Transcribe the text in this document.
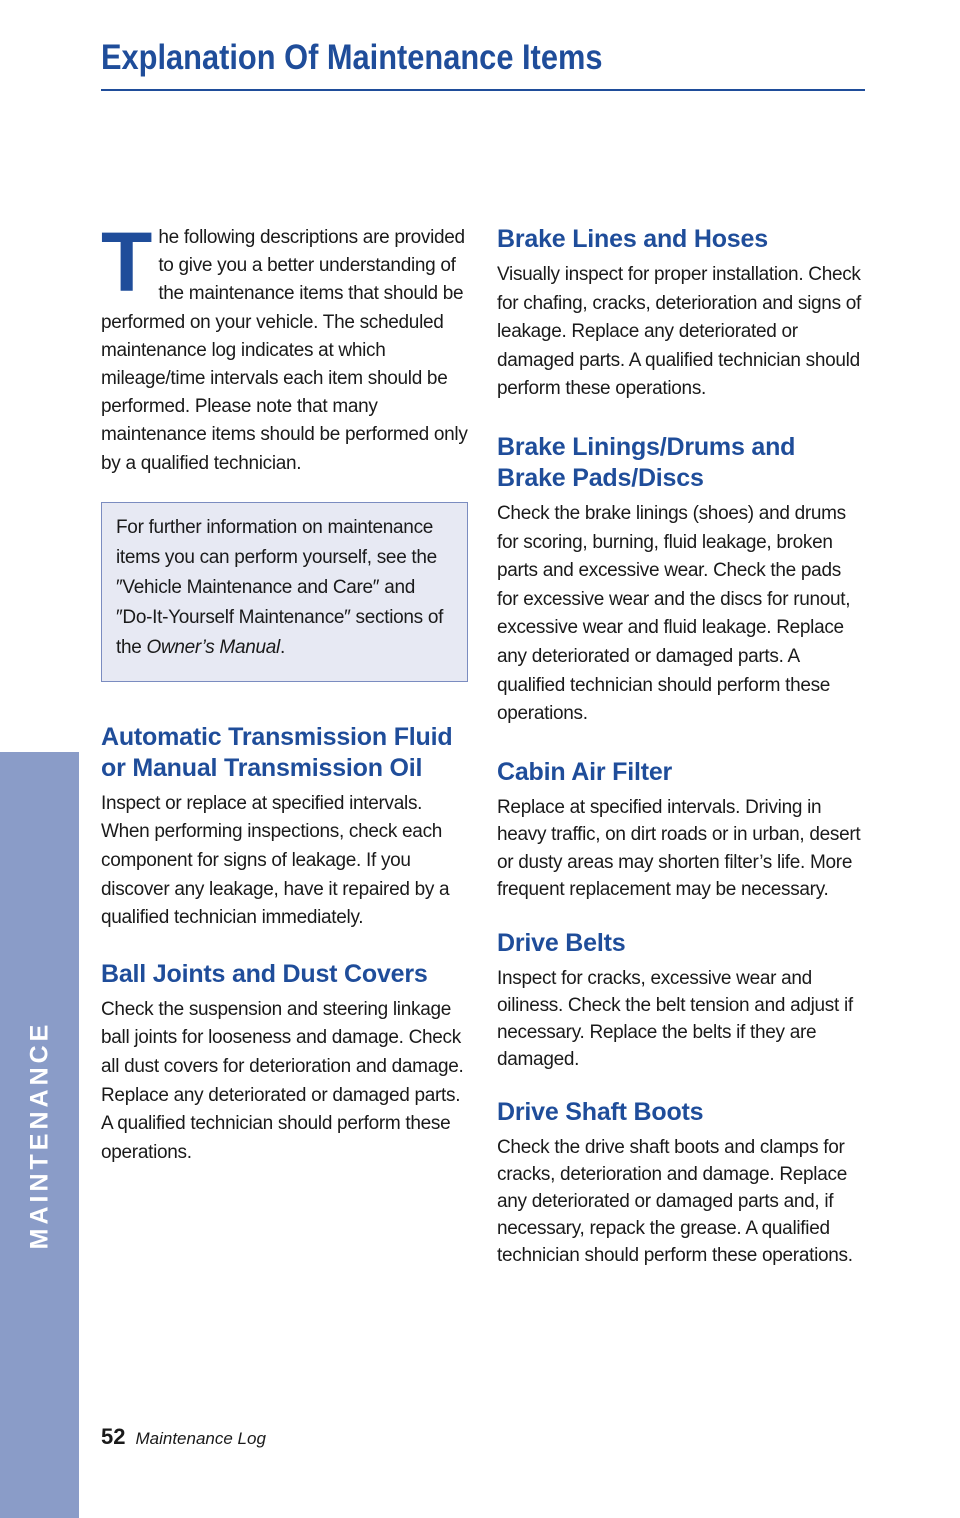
MAINTENANCE
Explanation Of Maintenance Items
T he following descriptions are provided to give you a better understanding of the maintenance items that should be performed on your vehicle. The scheduled maintenance log indicates at which mileage/time intervals each item should be performed. Please note that many maintenance items should be performed only by a qualified technician.

For further information on maintenance items you can perform yourself, see the ″Vehicle Maintenance and Care″ and ″Do-It-Yourself Maintenance″ sections of the Owner’s Manual.

Automatic Transmission Fluid or Manual Transmission Oil

Inspect or replace at specified intervals. When performing inspections, check each component for signs of leakage. If you discover any leakage, have it repaired by a qualified technician immediately.

Ball Joints and Dust Covers

Check the suspension and steering linkage ball joints for looseness and damage. Check all dust covers for deterioration and damage. Replace any deteriorated or damaged parts. A qualified technician should perform these operations.

Brake Lines and Hoses

Visually inspect for proper installation. Check for chafing, cracks, deterioration and signs of leakage. Replace any deteriorated or damaged parts. A qualified technician should perform these operations.

Brake Linings/Drums and Brake Pads/Discs

Check the brake linings (shoes) and drums for scoring, burning, fluid leakage, broken parts and excessive wear. Check the pads for excessive wear and the discs for runout, excessive wear and fluid leakage. Replace any deteriorated or damaged parts. A qualified technician should perform these operations.

Cabin Air Filter

Replace at specified intervals. Driving in heavy traffic, on dirt roads or in urban, desert or dusty areas may shorten filter’s life. More frequent replacement may be necessary.

Drive Belts

Inspect for cracks, excessive wear and oiliness. Check the belt tension and adjust if necessary. Replace the belts if they are damaged.

Drive Shaft Boots

Check the drive shaft boots and clamps for cracks, deterioration and damage. Replace any deteriorated or damaged parts and, if necessary, repack the grease. A qualified technician should perform these operations.

52 Maintenance Log
